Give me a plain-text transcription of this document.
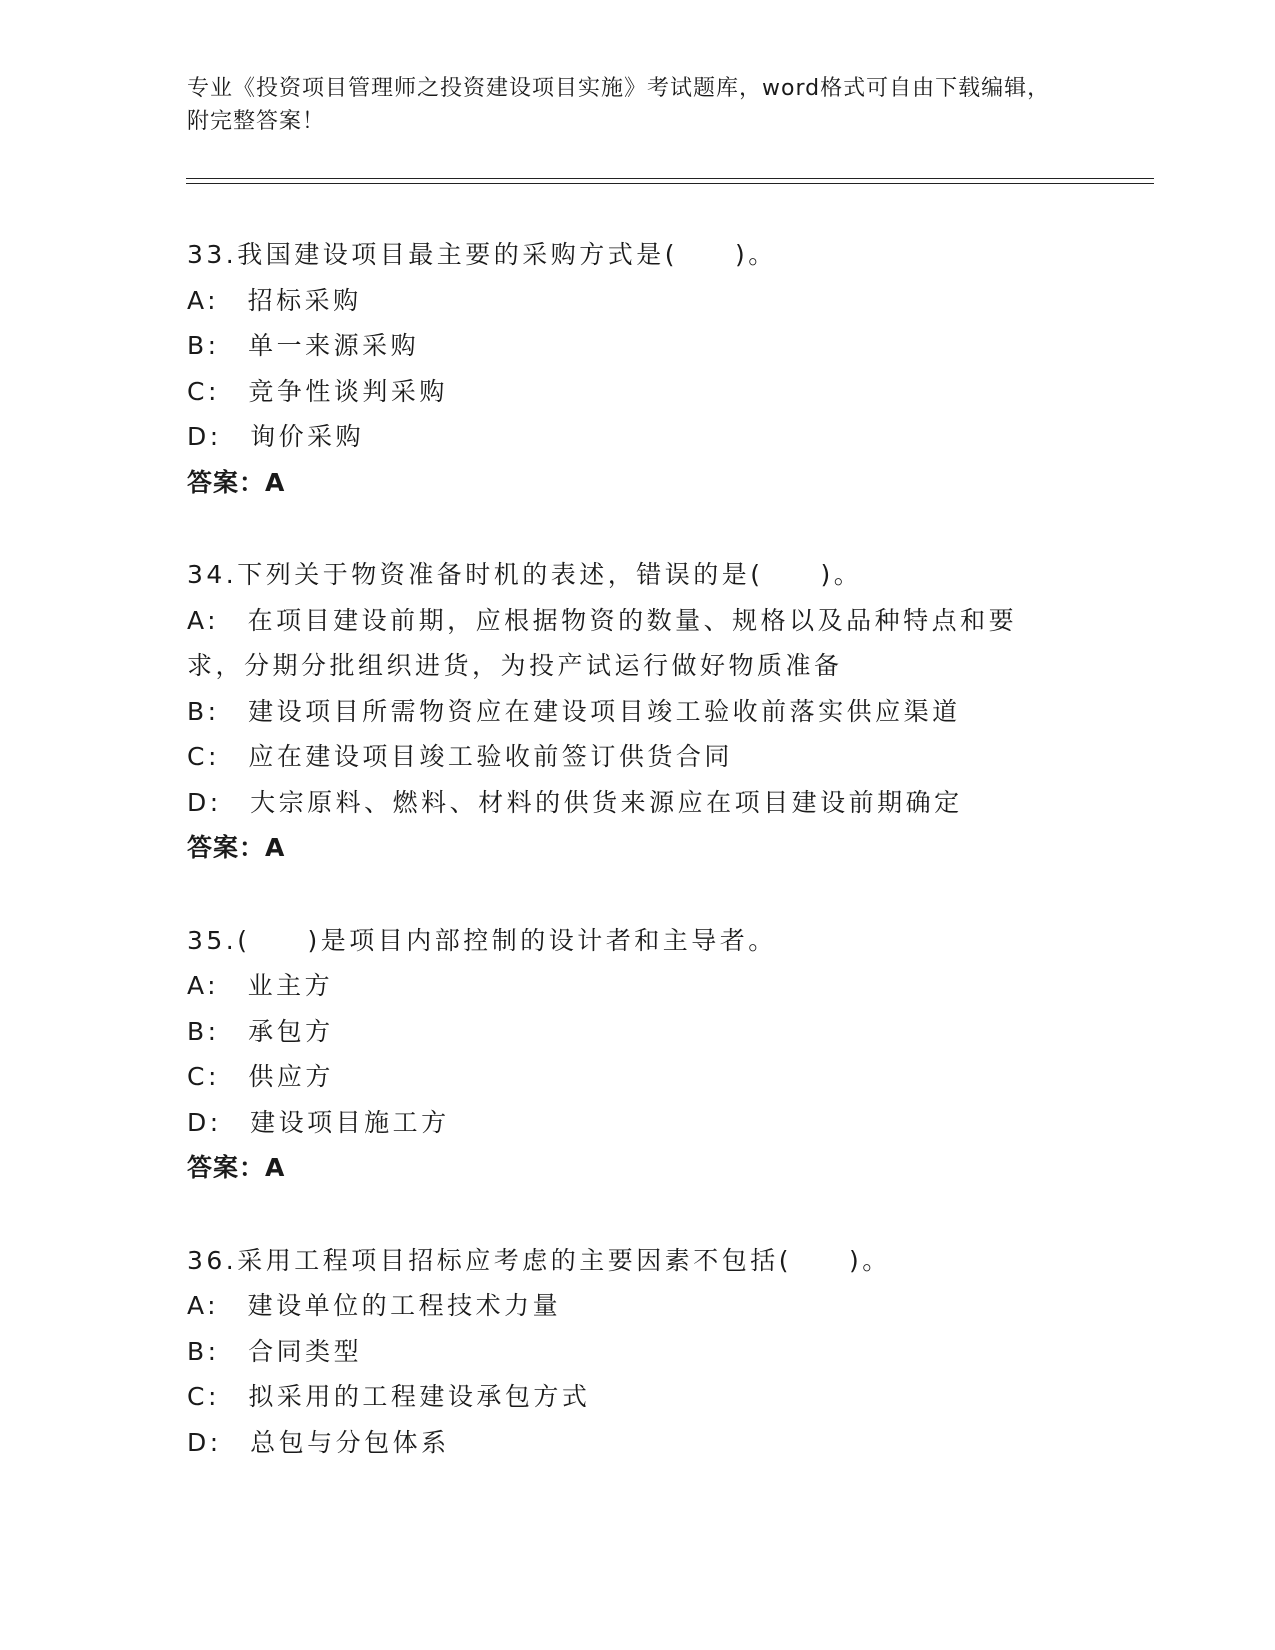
专业《投资项目管理师之投资建设项目实施》考试题库，word格式可自由下载编辑，附完整答案！
33.我国建设项目最主要的采购方式是(　　)。
A:　招标采购
B:　单一来源采购
C:　竞争性谈判采购
D:　询价采购
答案：A
34.下列关于物资准备时机的表述，错误的是(　　)。
A:　在项目建设前期，应根据物资的数量、规格以及品种特点和要求，分期分批组织进货，为投产试运行做好物质准备
B:　建设项目所需物资应在建设项目竣工验收前落实供应渠道
C:　应在建设项目竣工验收前签订供货合同
D:　大宗原料、燃料、材料的供货来源应在项目建设前期确定
答案：A
35.(　　)是项目内部控制的设计者和主导者。
A:　业主方
B:　承包方
C:　供应方
D:　建设项目施工方
答案：A
36.采用工程项目招标应考虑的主要因素不包括(　　)。
A:　建设单位的工程技术力量
B:　合同类型
C:　拟采用的工程建设承包方式
D:　总包与分包体系
